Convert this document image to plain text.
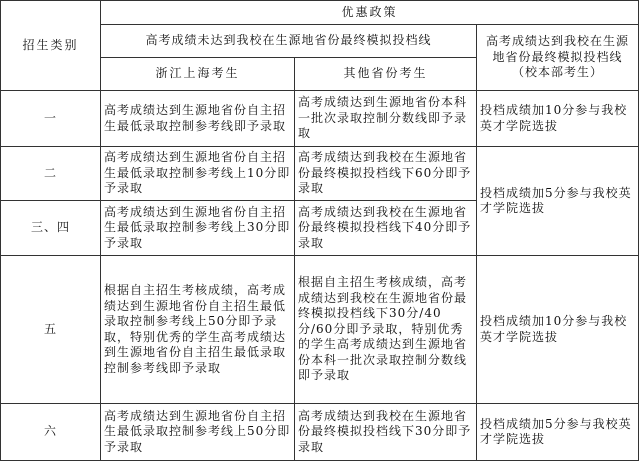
招生类别	优惠政策		
	高考成绩未达到我校在生源地省份最终模拟投档线		高考成绩达到我校在生源地省份最终模拟投档线（校本部考生）
	浙江上海考生	其他省份考生	
一	高考成绩达到生源地省份自主招生最低录取控制参考线即予录取	高考成绩达到生源地省份本科一批次录取控制分数线即予录取	投档成绩加10分参与我校英才学院选拔
二	高考成绩达到生源地省份自主招生最低录取控制参考线上10分即予录取	高考成绩达到我校在生源地省份最终模拟投档线下60分即予录取	投档成绩加5分参与我校英才学院选拔
三、四	高考成绩达到生源地省份自主招生最低录取控制参考线上30分即予录取	高考成绩达到我校在生源地省份最终模拟投档线下40分即予录取	
五	根据自主招生考核成绩，高考成绩达到生源地省份自主招生最低录取控制参考线上50分即予录取，特别优秀的学生高考成绩达到生源地省份自主招生最低录取控制参考线即予录取	根据自主招生考核成绩，高考成绩达到我校在生源地省份最终模拟投档线下30分/40分/60分即予录取，特别优秀的学生高考成绩达到生源地省份本科一批次录取控制分数线即予录取	投档成绩加10分参与我校英才学院选拔
六	高考成绩达到生源地省份自主招生最低录取控制参考线上50分即予录取	高考成绩达到我校在生源地省份最终模拟投档线下30分即予录取	投档成绩加5分参与我校英才学院选拔
